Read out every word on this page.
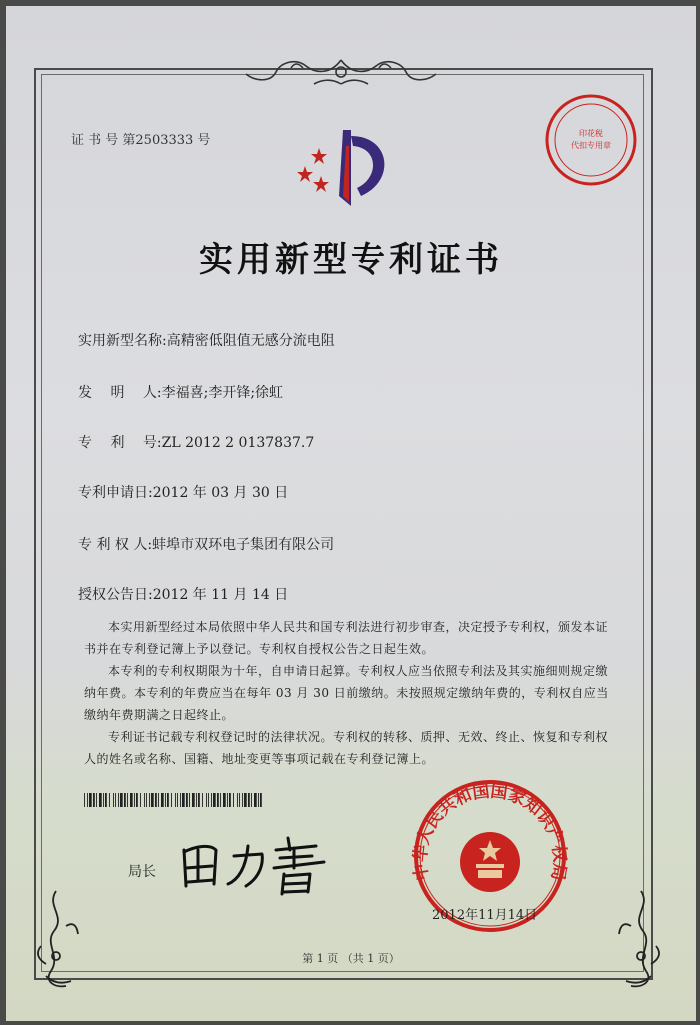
证 书 号 第2503333 号	印花税
代扣专用章
实用新型专利证书
实用新型名称:高精密低阻值无感分流电阻
发　 明　 人:李福喜;李开锋;徐虹
专　 利　 号:ZL 2012 2 0137837.7
专利申请日:2012 年 03 月 30 日
专 利 权 人:蚌埠市双环电子集团有限公司
授权公告日:2012 年 11 月 14 日
本实用新型经过本局依照中华人民共和国专利法进行初步审查，决定授予专利权，颁发本证书并在专利登记簿上予以登记。专利权自授权公告之日起生效。
本专利的专利权期限为十年，自申请日起算。专利权人应当依照专利法及其实施细则规定缴纳年费。本专利的年费应当在每年 03 月 30 日前缴纳。未按照规定缴纳年费的，专利权自应当缴纳年费期满之日起终止。
专利证书记载专利权登记时的法律状况。专利权的转移、质押、无效、终止、恢复和专利权人的姓名或名称、国籍、地址变更等事项记载在专利登记簿上。
局长	中华人民共和国国家知识产权局
2012年11月14日
第 1 页 （共 1 页）
